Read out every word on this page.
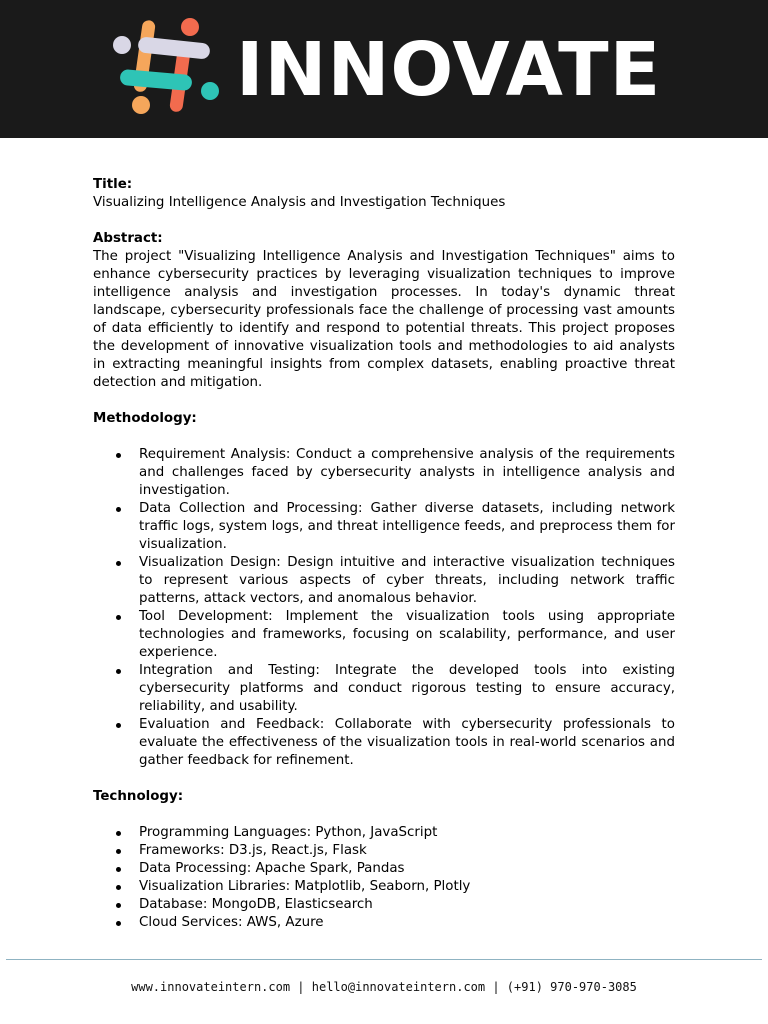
INNOVATE
Title:
Visualizing Intelligence Analysis and Investigation Techniques
Abstract:
The project "Visualizing Intelligence Analysis and Investigation Techniques" aims to enhance cybersecurity practices by leveraging visualization techniques to improve intelligence analysis and investigation processes. In today's dynamic threat landscape, cybersecurity professionals face the challenge of processing vast amounts of data efficiently to identify and respond to potential threats. This project proposes the development of innovative visualization tools and methodologies to aid analysts in extracting meaningful insights from complex datasets, enabling proactive threat detection and mitigation.
Methodology:
Requirement Analysis: Conduct a comprehensive analysis of the requirements and challenges faced by cybersecurity analysts in intelligence analysis and investigation.
Data Collection and Processing: Gather diverse datasets, including network traffic logs, system logs, and threat intelligence feeds, and preprocess them for visualization.
Visualization Design: Design intuitive and interactive visualization techniques to represent various aspects of cyber threats, including network traffic patterns, attack vectors, and anomalous behavior.
Tool Development: Implement the visualization tools using appropriate technologies and frameworks, focusing on scalability, performance, and user experience.
Integration and Testing: Integrate the developed tools into existing cybersecurity platforms and conduct rigorous testing to ensure accuracy, reliability, and usability.
Evaluation and Feedback: Collaborate with cybersecurity professionals to evaluate the effectiveness of the visualization tools in real-world scenarios and gather feedback for refinement.
Technology:
Programming Languages: Python, JavaScript
Frameworks: D3.js, React.js, Flask
Data Processing: Apache Spark, Pandas
Visualization Libraries: Matplotlib, Seaborn, Plotly
Database: MongoDB, Elasticsearch
Cloud Services: AWS, Azure
www.innovateintern.com | hello@innovateintern.com | (+91) 970-970-3085
